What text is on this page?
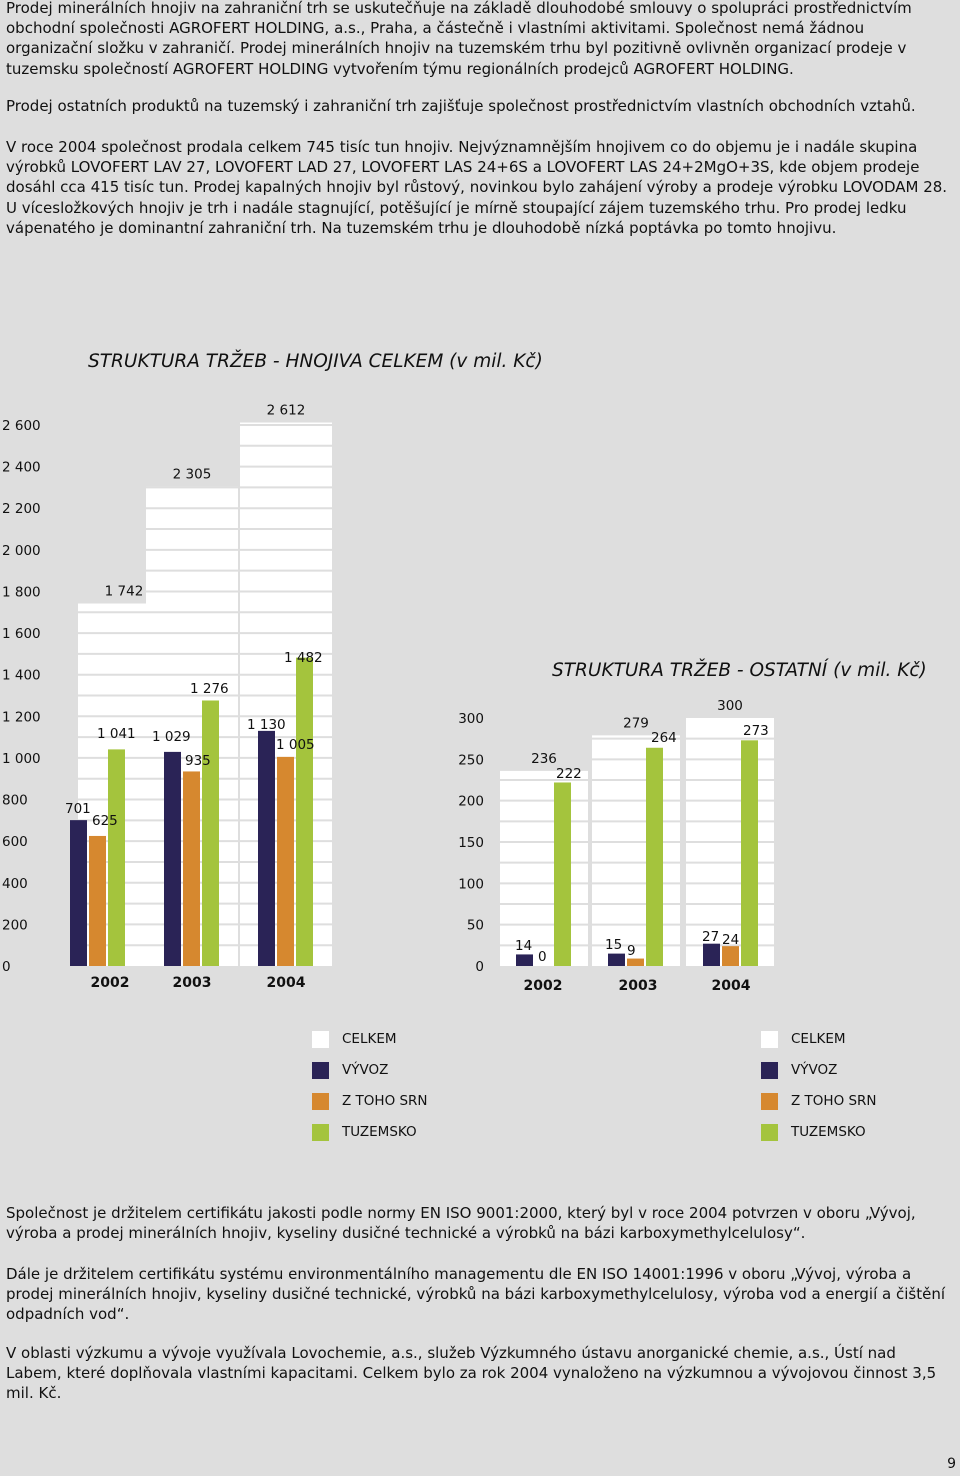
Prodej minerálních hnojiv na zahraniční trh se uskutečňuje na základě dlouhodobé smlouvy o spolupráci prostřednictvím obchodní společnosti AGROFERT HOLDING, a.s., Praha, a částečně i vlastními aktivitami. Společnost nemá žádnou organizační složku v zahraničí. Prodej minerálních hnojiv na tuzemském trhu byl pozitivně ovlivněn organizací prodeje v tuzemsku společností AGROFERT HOLDING vytvořením týmu regionálních prodejců AGROFERT HOLDING.

Prodej ostatních produktů na tuzemský i zahraniční trh zajišťuje společnost prostřednictvím vlastních obchodních vztahů.

V roce 2004 společnost prodala celkem 745 tisíc tun hnojiv. Nejvýznamnějším hnojivem co do objemu je i nadále skupina výrobků LOVOFERT LAV 27, LOVOFERT LAD 27, LOVOFERT LAS 24+6S a LOVOFERT LAS 24+2MgO+3S, kde objem prodeje dosáhl cca 415 tisíc tun. Prodej kapalných hnojiv byl růstový, novinkou bylo zahájení výroby a prodeje výrobku LOVODAM 28. U vícesložkových hnojiv je trh i nadále stagnující, potěšující je mírně stoupající zájem tuzemského trhu. Pro prodej ledku vápenatého je dominantní zahraniční trh. Na tuzemském trhu je dlouhodobě nízká poptávka po tomto hnojivu.

STRUKTURA TRŽEB - HNOJIVA CELKEM (v mil. Kč)
STRUKTURA TRŽEB - OSTATNÍ (v mil. Kč)
0
200
400
600
800
1 000
1 200
1 400
1 600
1 800
2 000
2 200
2 400
2 600
2002	2003	2004
1 742
2 305
2 612
701
1 029
1 130
625
935
1 005
1 041
1 276
1 482
0
50
100
150
200
250
300
2002	2003	2004
236
279
300
14	15	27
0	9
24
222
264	273
CELKEM
VÝVOZ
Z TOHO SRN
TUZEMSKO
CELKEM
VÝVOZ
Z TOHO SRN
TUZEMSKO

Společnost je držitelem certifikátu jakosti podle normy EN ISO 9001:2000, který byl v roce 2004 potvrzen v oboru „Vývoj, výroba a prodej minerálních hnojiv, kyseliny dusičné technické a výrobků na bázi karboxymethylcelulosy“.

Dále je držitelem certifikátu systému environmentálního managementu dle EN ISO 14001:1996 v oboru „Vývoj, výroba a prodej minerálních hnojiv, kyseliny dusičné technické, výrobků na bázi karboxymethylcelulosy, výroba vod a energií a čištění odpadních vod“.

V oblasti výzkumu a vývoje využívala Lovochemie, a.s., služeb Výzkumného ústavu anorganické chemie, a.s., Ústí nad Labem, které doplňovala vlastními kapacitami. Celkem bylo za rok 2004 vynaloženo na výzkumnou a vývojovou činnost 3,5 mil. Kč.

9
